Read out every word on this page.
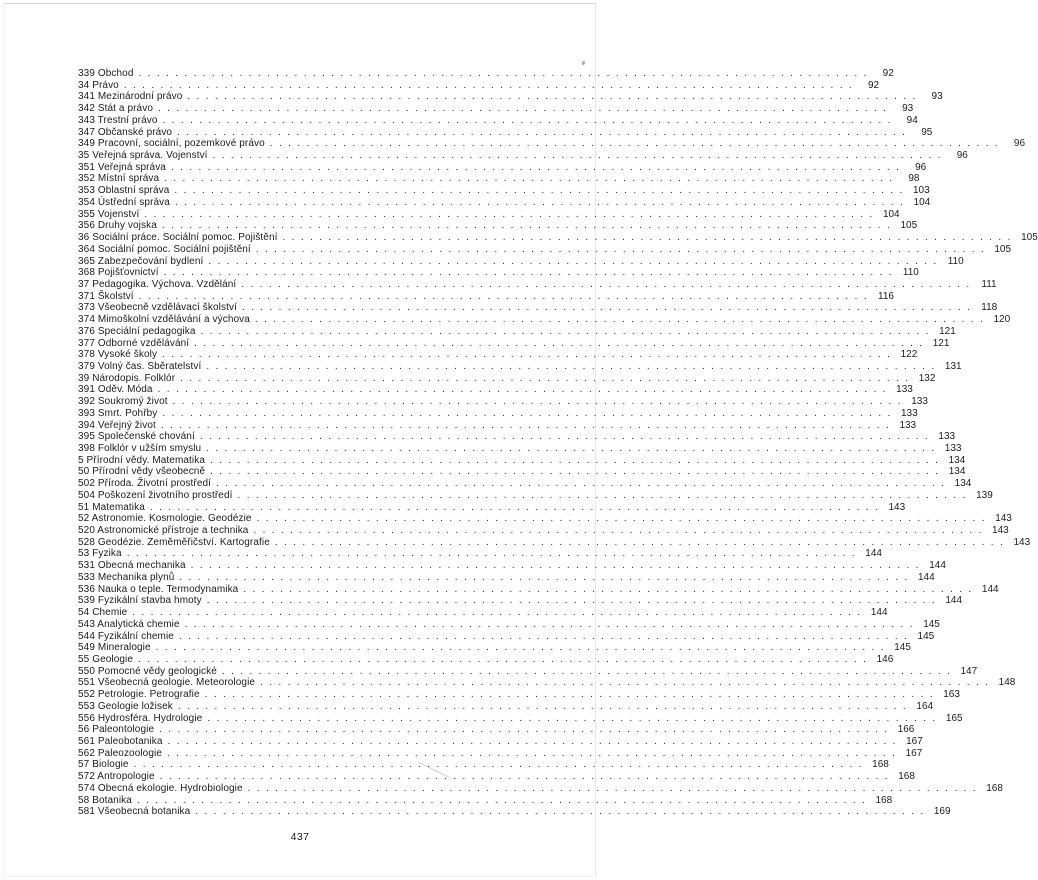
339 Obchod ................................................................................ 92
34 Právo ................................................................................ 92
341 Mezinárodní právo ................................................................................ 93
342 Stát a právo ................................................................................ 93
343 Trestní právo ................................................................................ 94
347 Občanské právo ................................................................................ 95
349 Pracovní, sociální, pozemkové právo ................................................................................ 96
35 Veřejná správa. Vojenství ................................................................................ 96
351 Veřejná správa ................................................................................ 96
352 Místní správa ................................................................................ 98
353 Oblastní správa ................................................................................ 103
354 Ústřední správa ................................................................................ 104
355 Vojenství ................................................................................ 104
356 Druhy vojska ................................................................................ 105
36 Sociální práce. Sociální pomoc. Pojištění ................................................................................ 105
364 Sociální pomoc. Sociální pojištění ................................................................................ 105
365 Zabezpečování bydlení ................................................................................ 110
368 Pojišťovnictví ................................................................................ 110
37 Pedagogika. Výchova. Vzdělání ................................................................................ 111
371 Školství ................................................................................ 116
373 Všeobecně vzdělávací školství ................................................................................ 118
374 Mimoškolní vzdělávání a výchova ................................................................................ 120
376 Speciální pedagogika ................................................................................ 121
377 Odborné vzdělávání ................................................................................ 121
378 Vysoké školy ................................................................................ 122
379 Volný čas. Sběratelství ................................................................................ 131
39 Národopis. Folklór ................................................................................ 132
391 Oděv. Móda ................................................................................ 133
392 Soukromý život ................................................................................ 133
393 Smrt. Pohřby ................................................................................ 133
394 Veřejný život ................................................................................ 133
395 Společenské chování ................................................................................ 133
398 Folklór v užším smyslu ................................................................................ 133
5 Přírodní vědy. Matematika ................................................................................ 134
50 Přírodní vědy všeobecně ................................................................................ 134
502 Příroda. Životní prostředí ................................................................................ 134
504 Poškození životního prostředí ................................................................................ 139
51 Matematika ................................................................................ 143
52 Astronomie. Kosmologie. Geodézie ................................................................................ 143
520 Astronomické přístroje a technika ................................................................................ 143
528 Geodézie. Zeměměřičství. Kartografie ................................................................................ 143
53 Fyzika ................................................................................ 144
531 Obecná mechanika ................................................................................ 144
533 Mechanika plynů ................................................................................ 144
536 Nauka o teple. Termodynamika ................................................................................ 144
539 Fyzikální stavba hmoty ................................................................................ 144
54 Chemie ................................................................................ 144
543 Analytická chemie ................................................................................ 145
544 Fyzikální chemie ................................................................................ 145
549 Mineralogie ................................................................................ 145
55 Geologie ................................................................................ 146
550 Pomocné vědy geologické ................................................................................ 147
551 Všeobecná geologie. Meteorologie ................................................................................ 148
552 Petrologie. Petrografie ................................................................................ 163
553 Geologie ložisek ................................................................................ 164
556 Hydrosféra. Hydrologie ................................................................................ 165
56 Paleontologie ................................................................................ 166
561 Paleobotanika ................................................................................ 167
562 Paleozoologie ................................................................................ 167
57 Biologie ................................................................................ 168
572 Antropologie ................................................................................ 168
574 Obecná ekologie. Hydrobiologie ................................................................................ 168
58 Botanika ................................................................................ 168
581 Všeobecná botanika ................................................................................ 169
437
